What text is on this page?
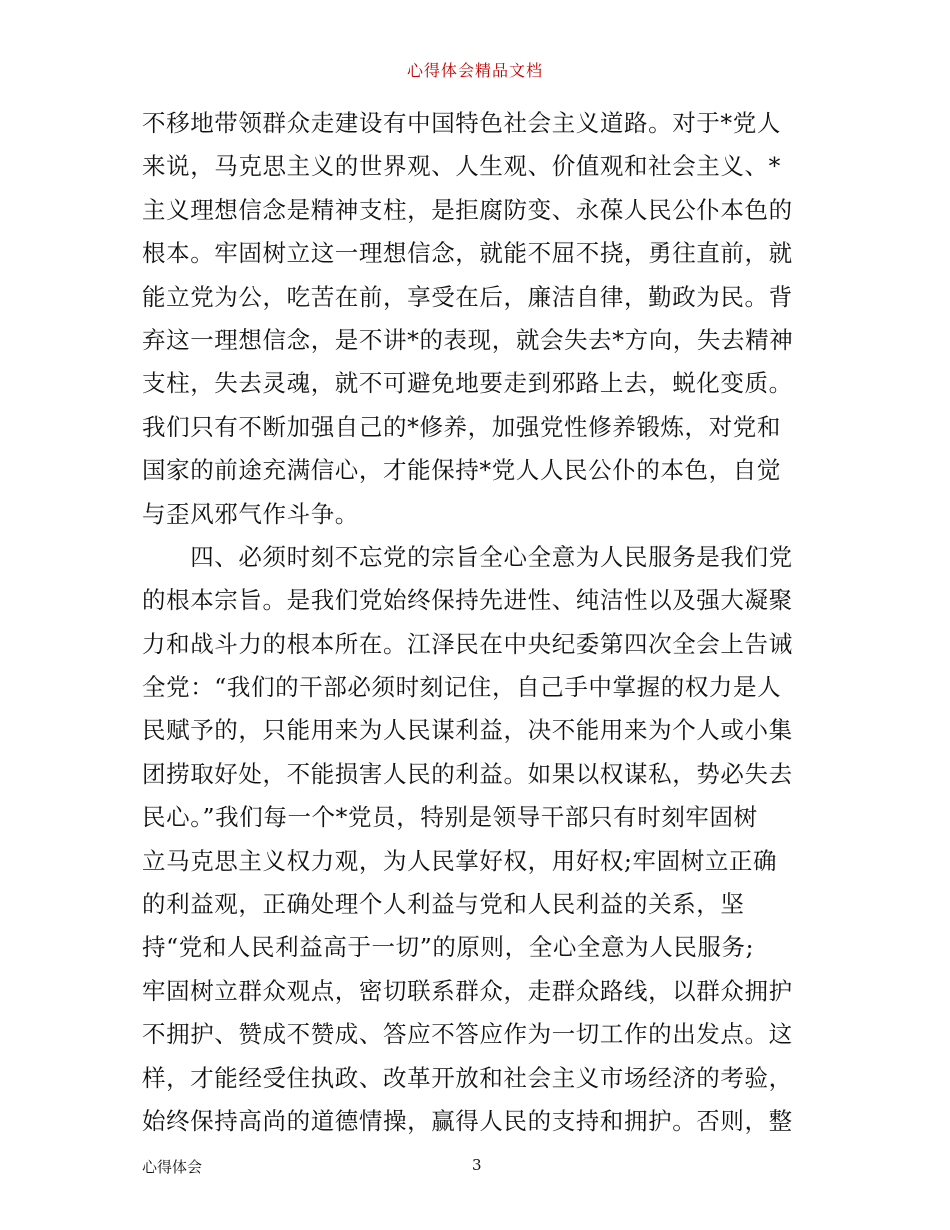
心得体会精品文档
不移地带领群众走建设有中国特色社会主义道路。对于*党人
来说，马克思主义的世界观、人生观、价值观和社会主义、*
主义理想信念是精神支柱，是拒腐防变、永葆人民公仆本色的
根本。牢固树立这一理想信念，就能不屈不挠，勇往直前，就
能立党为公，吃苦在前，享受在后，廉洁自律，勤政为民。背
弃这一理想信念，是不讲*的表现，就会失去*方向，失去精神
支柱，失去灵魂，就不可避免地要走到邪路上去，蜕化变质。
我们只有不断加强自己的*修养，加强党性修养锻炼，对党和
国家的前途充满信心，才能保持*党人人民公仆的本色，自觉
与歪风邪气作斗争。
　　四、必须时刻不忘党的宗旨全心全意为人民服务是我们党
的根本宗旨。是我们党始终保持先进性、纯洁性以及强大凝聚
力和战斗力的根本所在。江泽民在中央纪委第四次全会上告诫
全党：“我们的干部必须时刻记住，自己手中掌握的权力是人
民赋予的，只能用来为人民谋利益，决不能用来为个人或小集
团捞取好处，不能损害人民的利益。如果以权谋私，势必失去
民心。”我们每一个*党员，特别是领导干部只有时刻牢固树
立马克思主义权力观，为人民掌好权，用好权;牢固树立正确
的利益观，正确处理个人利益与党和人民利益的关系，坚
持“党和人民利益高于一切”的原则，全心全意为人民服务;
牢固树立群众观点，密切联系群众，走群众路线，以群众拥护
不拥护、赞成不赞成、答应不答应作为一切工作的出发点。这
样，才能经受住执政、改革开放和社会主义市场经济的考验，
始终保持高尚的道德情操，赢得人民的支持和拥护。否则，整
心得体会	3
